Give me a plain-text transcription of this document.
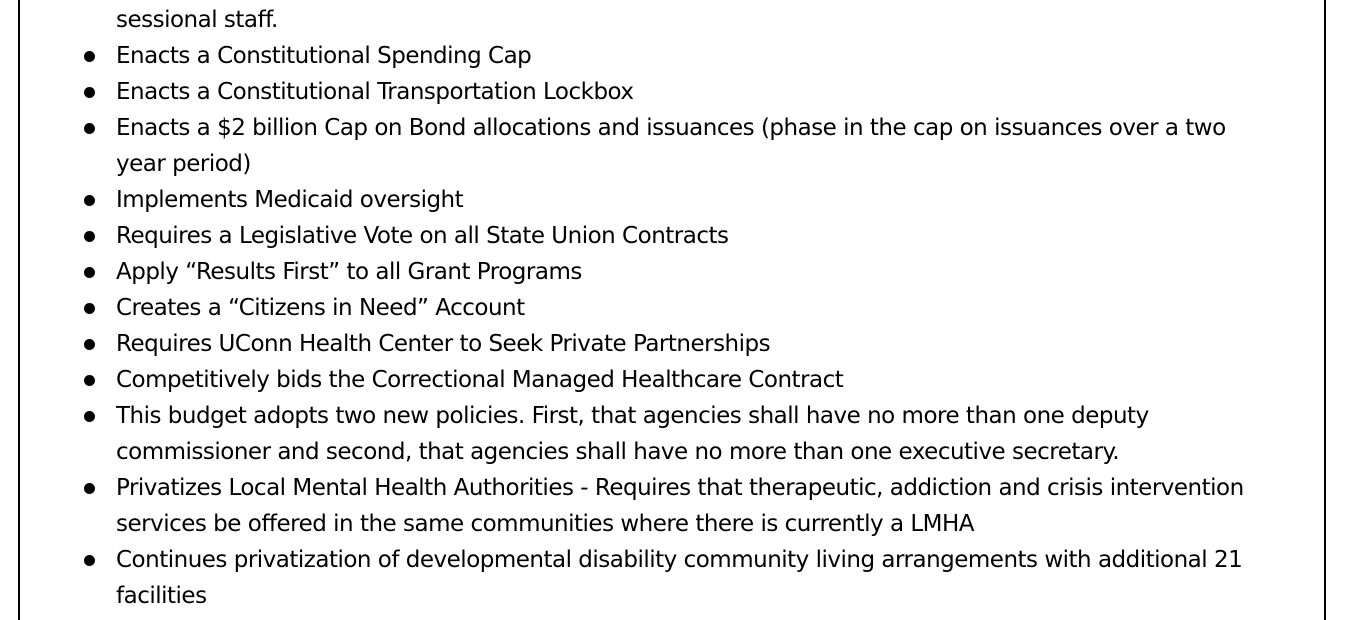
sessional staff.
Enacts a Constitutional Spending Cap
Enacts a Constitutional Transportation Lockbox
Enacts a $2 billion Cap on Bond allocations and issuances (phase in the cap on issuances over a two year period)
Implements Medicaid oversight
Requires a Legislative Vote on all State Union Contracts
Apply “Results First” to all Grant Programs
Creates a “Citizens in Need” Account
Requires UConn Health Center to Seek Private Partnerships
Competitively bids the Correctional Managed Healthcare Contract
This budget adopts two new policies. First, that agencies shall have no more than one deputy commissioner and second, that agencies shall have no more than one executive secretary.
Privatizes Local Mental Health Authorities - Requires that therapeutic, addiction and crisis intervention services be offered in the same communities where there is currently a LMHA
Continues privatization of developmental disability community living arrangements with additional 21 facilities
